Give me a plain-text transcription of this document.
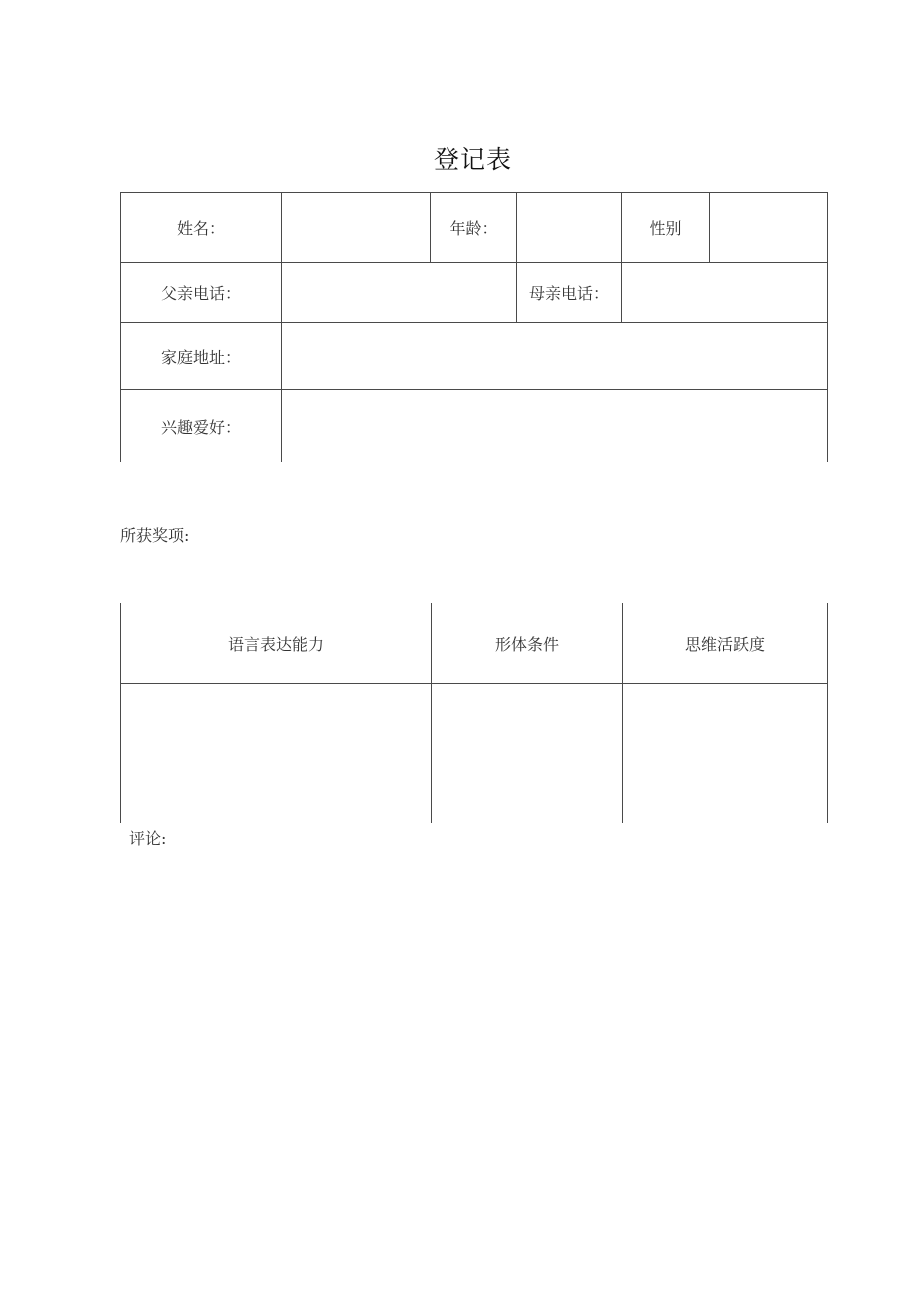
登记表
姓名：	年龄：	性别
父亲电话：	母亲电话：
家庭地址：
兴趣爱好：
所获奖项:
语言表达能力	形体条件	思维活跃度
评论:
